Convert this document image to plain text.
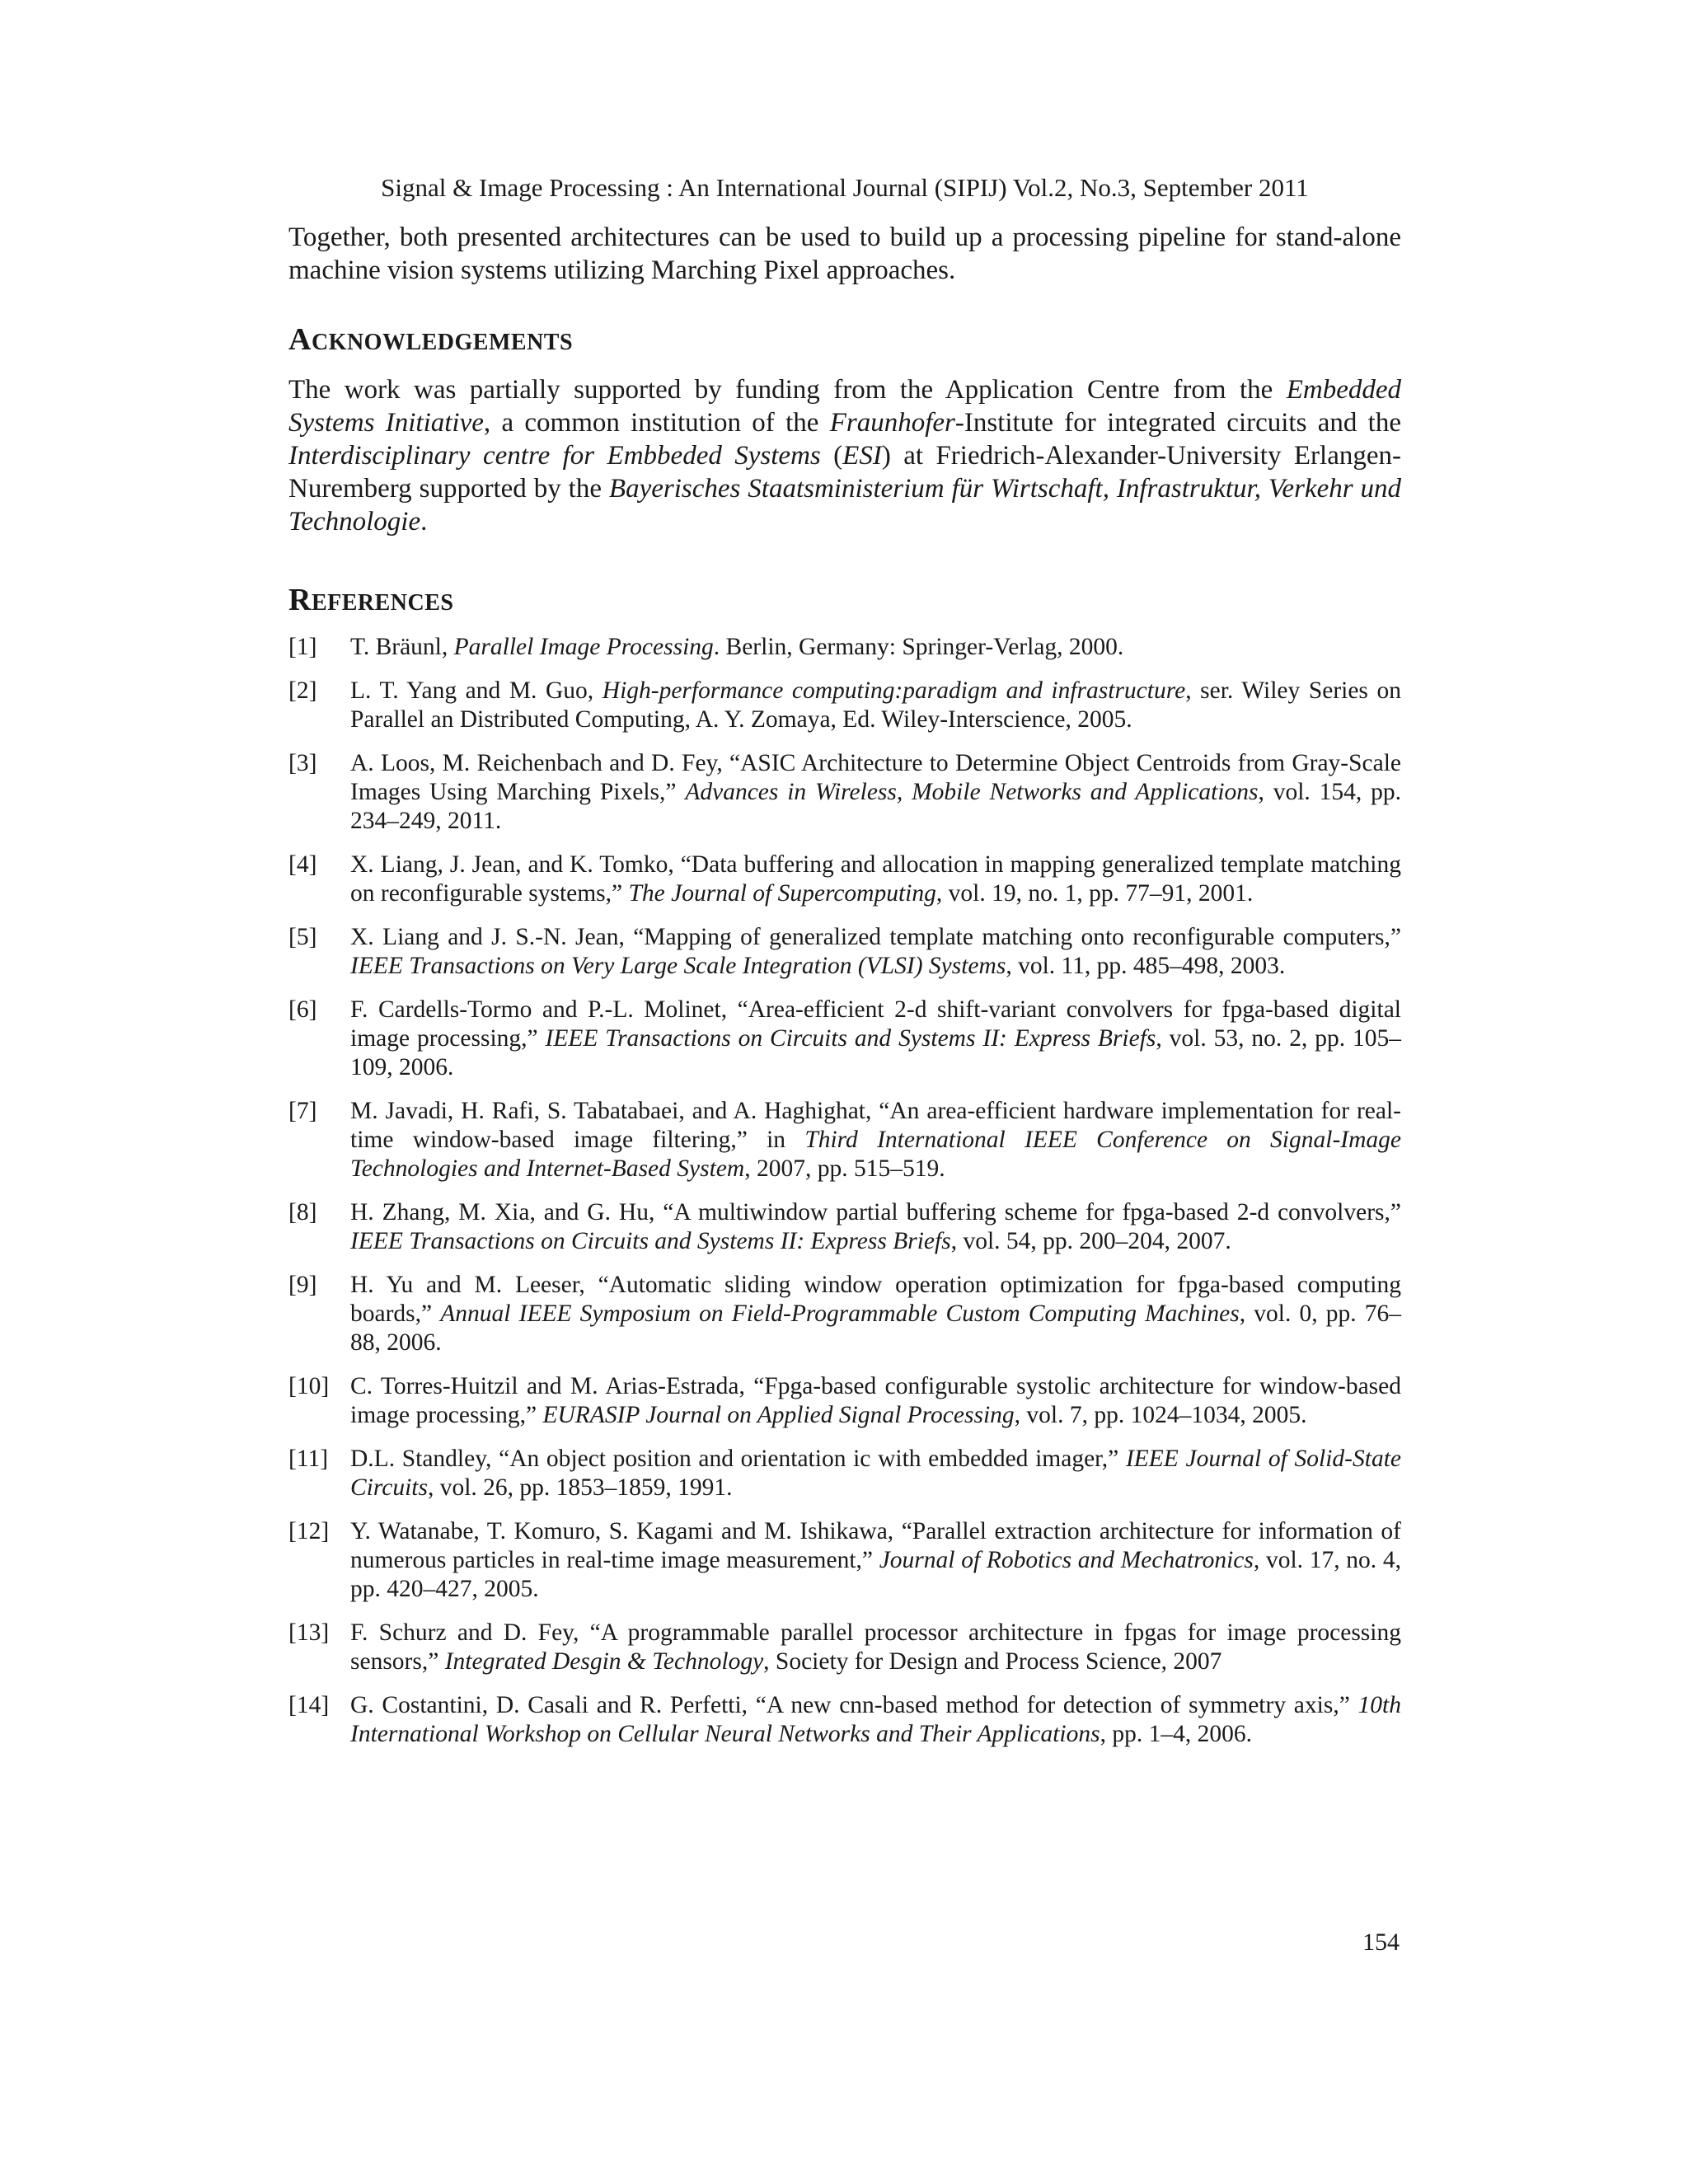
Signal & Image Processing : An International Journal (SIPIJ) Vol.2, No.3, September 2011

Together, both presented architectures can be used to build up a processing pipeline for stand-alone machine vision systems utilizing Marching Pixel approaches.

ACKNOWLEDGEMENTS

The work was partially supported by funding from the Application Centre from the Embedded Systems Initiative, a common institution of the Fraunhofer-Institute for integrated circuits and the Interdisciplinary centre for Embbeded Systems (ESI) at Friedrich-Alexander-University Erlangen-Nuremberg supported by the Bayerisches Staatsministerium für Wirtschaft, Infrastruktur, Verkehr und Technologie.

REFERENCES
[1] T. Bräunl, Parallel Image Processing. Berlin, Germany: Springer-Verlag, 2000.
[2] L. T. Yang and M. Guo, High-performance computing:paradigm and infrastructure, ser. Wiley Series on Parallel an Distributed Computing, A. Y. Zomaya, Ed. Wiley-Interscience, 2005.
[3] A. Loos, M. Reichenbach and D. Fey, “ASIC Architecture to Determine Object Centroids from Gray-Scale Images Using Marching Pixels,” Advances in Wireless, Mobile Networks and Applications, vol. 154, pp. 234–249, 2011.
[4] X. Liang, J. Jean, and K. Tomko, “Data buffering and allocation in mapping generalized template matching on reconfigurable systems,” The Journal of Supercomputing, vol. 19, no. 1, pp. 77–91, 2001.
[5] X. Liang and J. S.-N. Jean, “Mapping of generalized template matching onto reconfigurable computers,” IEEE Transactions on Very Large Scale Integration (VLSI) Systems, vol. 11, pp. 485–498, 2003.
[6] F. Cardells-Tormo and P.-L. Molinet, “Area-efficient 2-d shift-variant convolvers for fpga-based digital image processing,” IEEE Transactions on Circuits and Systems II: Express Briefs, vol. 53, no. 2, pp. 105–109, 2006.
[7] M. Javadi, H. Rafi, S. Tabatabaei, and A. Haghighat, “An area-efficient hardware implementation for real-time window-based image filtering,” in Third International IEEE Conference on Signal-Image Technologies and Internet-Based System, 2007, pp. 515–519.
[8] H. Zhang, M. Xia, and G. Hu, “A multiwindow partial buffering scheme for fpga-based 2-d convolvers,” IEEE Transactions on Circuits and Systems II: Express Briefs, vol. 54, pp. 200–204, 2007.
[9] H. Yu and M. Leeser, “Automatic sliding window operation optimization for fpga-based computing boards,” Annual IEEE Symposium on Field-Programmable Custom Computing Machines, vol. 0, pp. 76–88, 2006.
[10] C. Torres-Huitzil and M. Arias-Estrada, “Fpga-based configurable systolic architecture for window-based image processing,” EURASIP Journal on Applied Signal Processing, vol. 7, pp. 1024–1034, 2005.
[11] D.L. Standley, “An object position and orientation ic with embedded imager,” IEEE Journal of Solid-State Circuits, vol. 26, pp. 1853–1859, 1991.
[12] Y. Watanabe, T. Komuro, S. Kagami and M. Ishikawa, “Parallel extraction architecture for information of numerous particles in real-time image measurement,” Journal of Robotics and Mechatronics, vol. 17, no. 4, pp. 420–427, 2005.
[13] F. Schurz and D. Fey, “A programmable parallel processor architecture in fpgas for image processing sensors,” Integrated Desgin & Technology, Society for Design and Process Science, 2007
[14] G. Costantini, D. Casali and R. Perfetti, “A new cnn-based method for detection of symmetry axis,” 10th International Workshop on Cellular Neural Networks and Their Applications, pp. 1–4, 2006.
154
